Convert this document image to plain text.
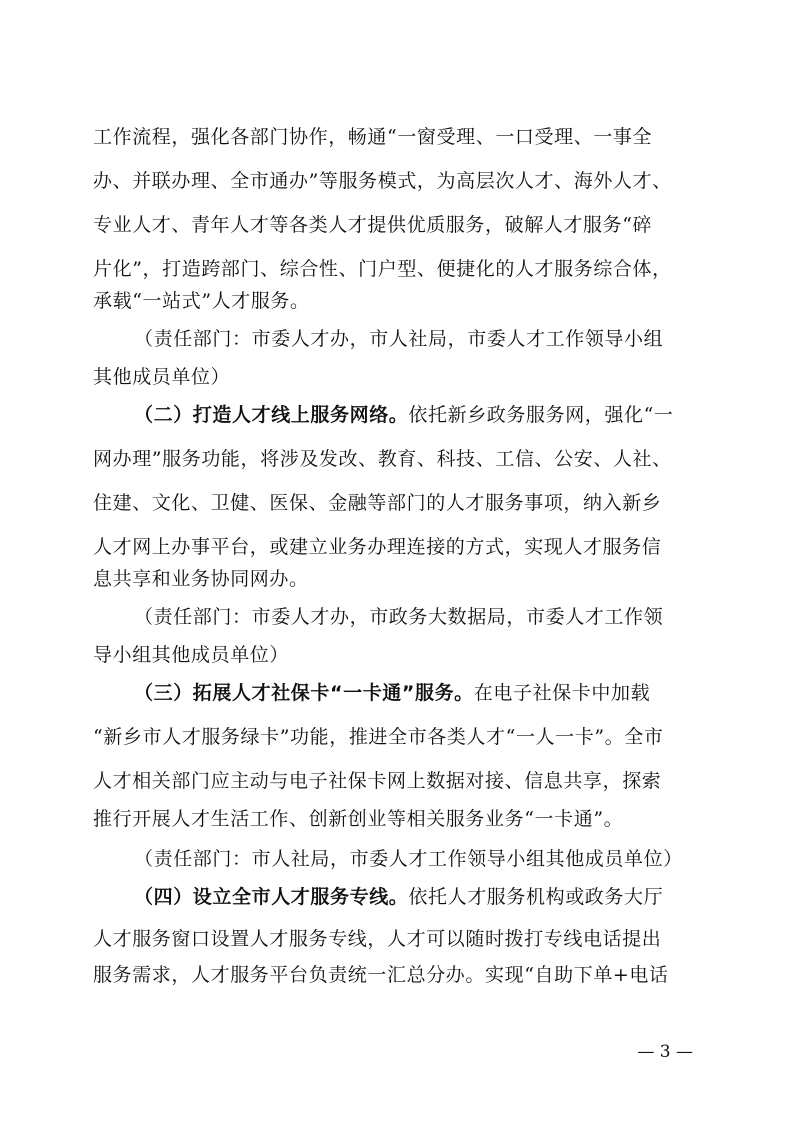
工作流程，强化各部门协作，畅通“一窗受理、一口受理、一事全
办、并联办理、全市通办”等服务模式，为高层次人才、海外人才、
专业人才、青年人才等各类人才提供优质服务，破解人才服务“碎
片化”，打造跨部门、综合性、门户型、便捷化的人才服务综合体，
承载“一站式”人才服务。
（责任部门：市委人才办，市人社局，市委人才工作领导小组
其他成员单位）
（二）打造人才线上服务网络。依托新乡政务服务网，强化“一
网办理”服务功能，将涉及发改、教育、科技、工信、公安、人社、
住建、文化、卫健、医保、金融等部门的人才服务事项，纳入新乡
人才网上办事平台，或建立业务办理连接的方式，实现人才服务信
息共享和业务协同网办。
（责任部门：市委人才办，市政务大数据局，市委人才工作领
导小组其他成员单位）
（三）拓展人才社保卡“一卡通”服务。在电子社保卡中加载
“新乡市人才服务绿卡”功能，推进全市各类人才“一人一卡”。全市
人才相关部门应主动与电子社保卡网上数据对接、信息共享，探索
推行开展人才生活工作、创新创业等相关服务业务“一卡通”。
（责任部门：市人社局，市委人才工作领导小组其他成员单位）
（四）设立全市人才服务专线。依托人才服务机构或政务大厅
人才服务窗口设置人才服务专线，人才可以随时拨打专线电话提出
服务需求，人才服务平台负责统一汇总分办。实现“自助下单+电话
— 3 —
